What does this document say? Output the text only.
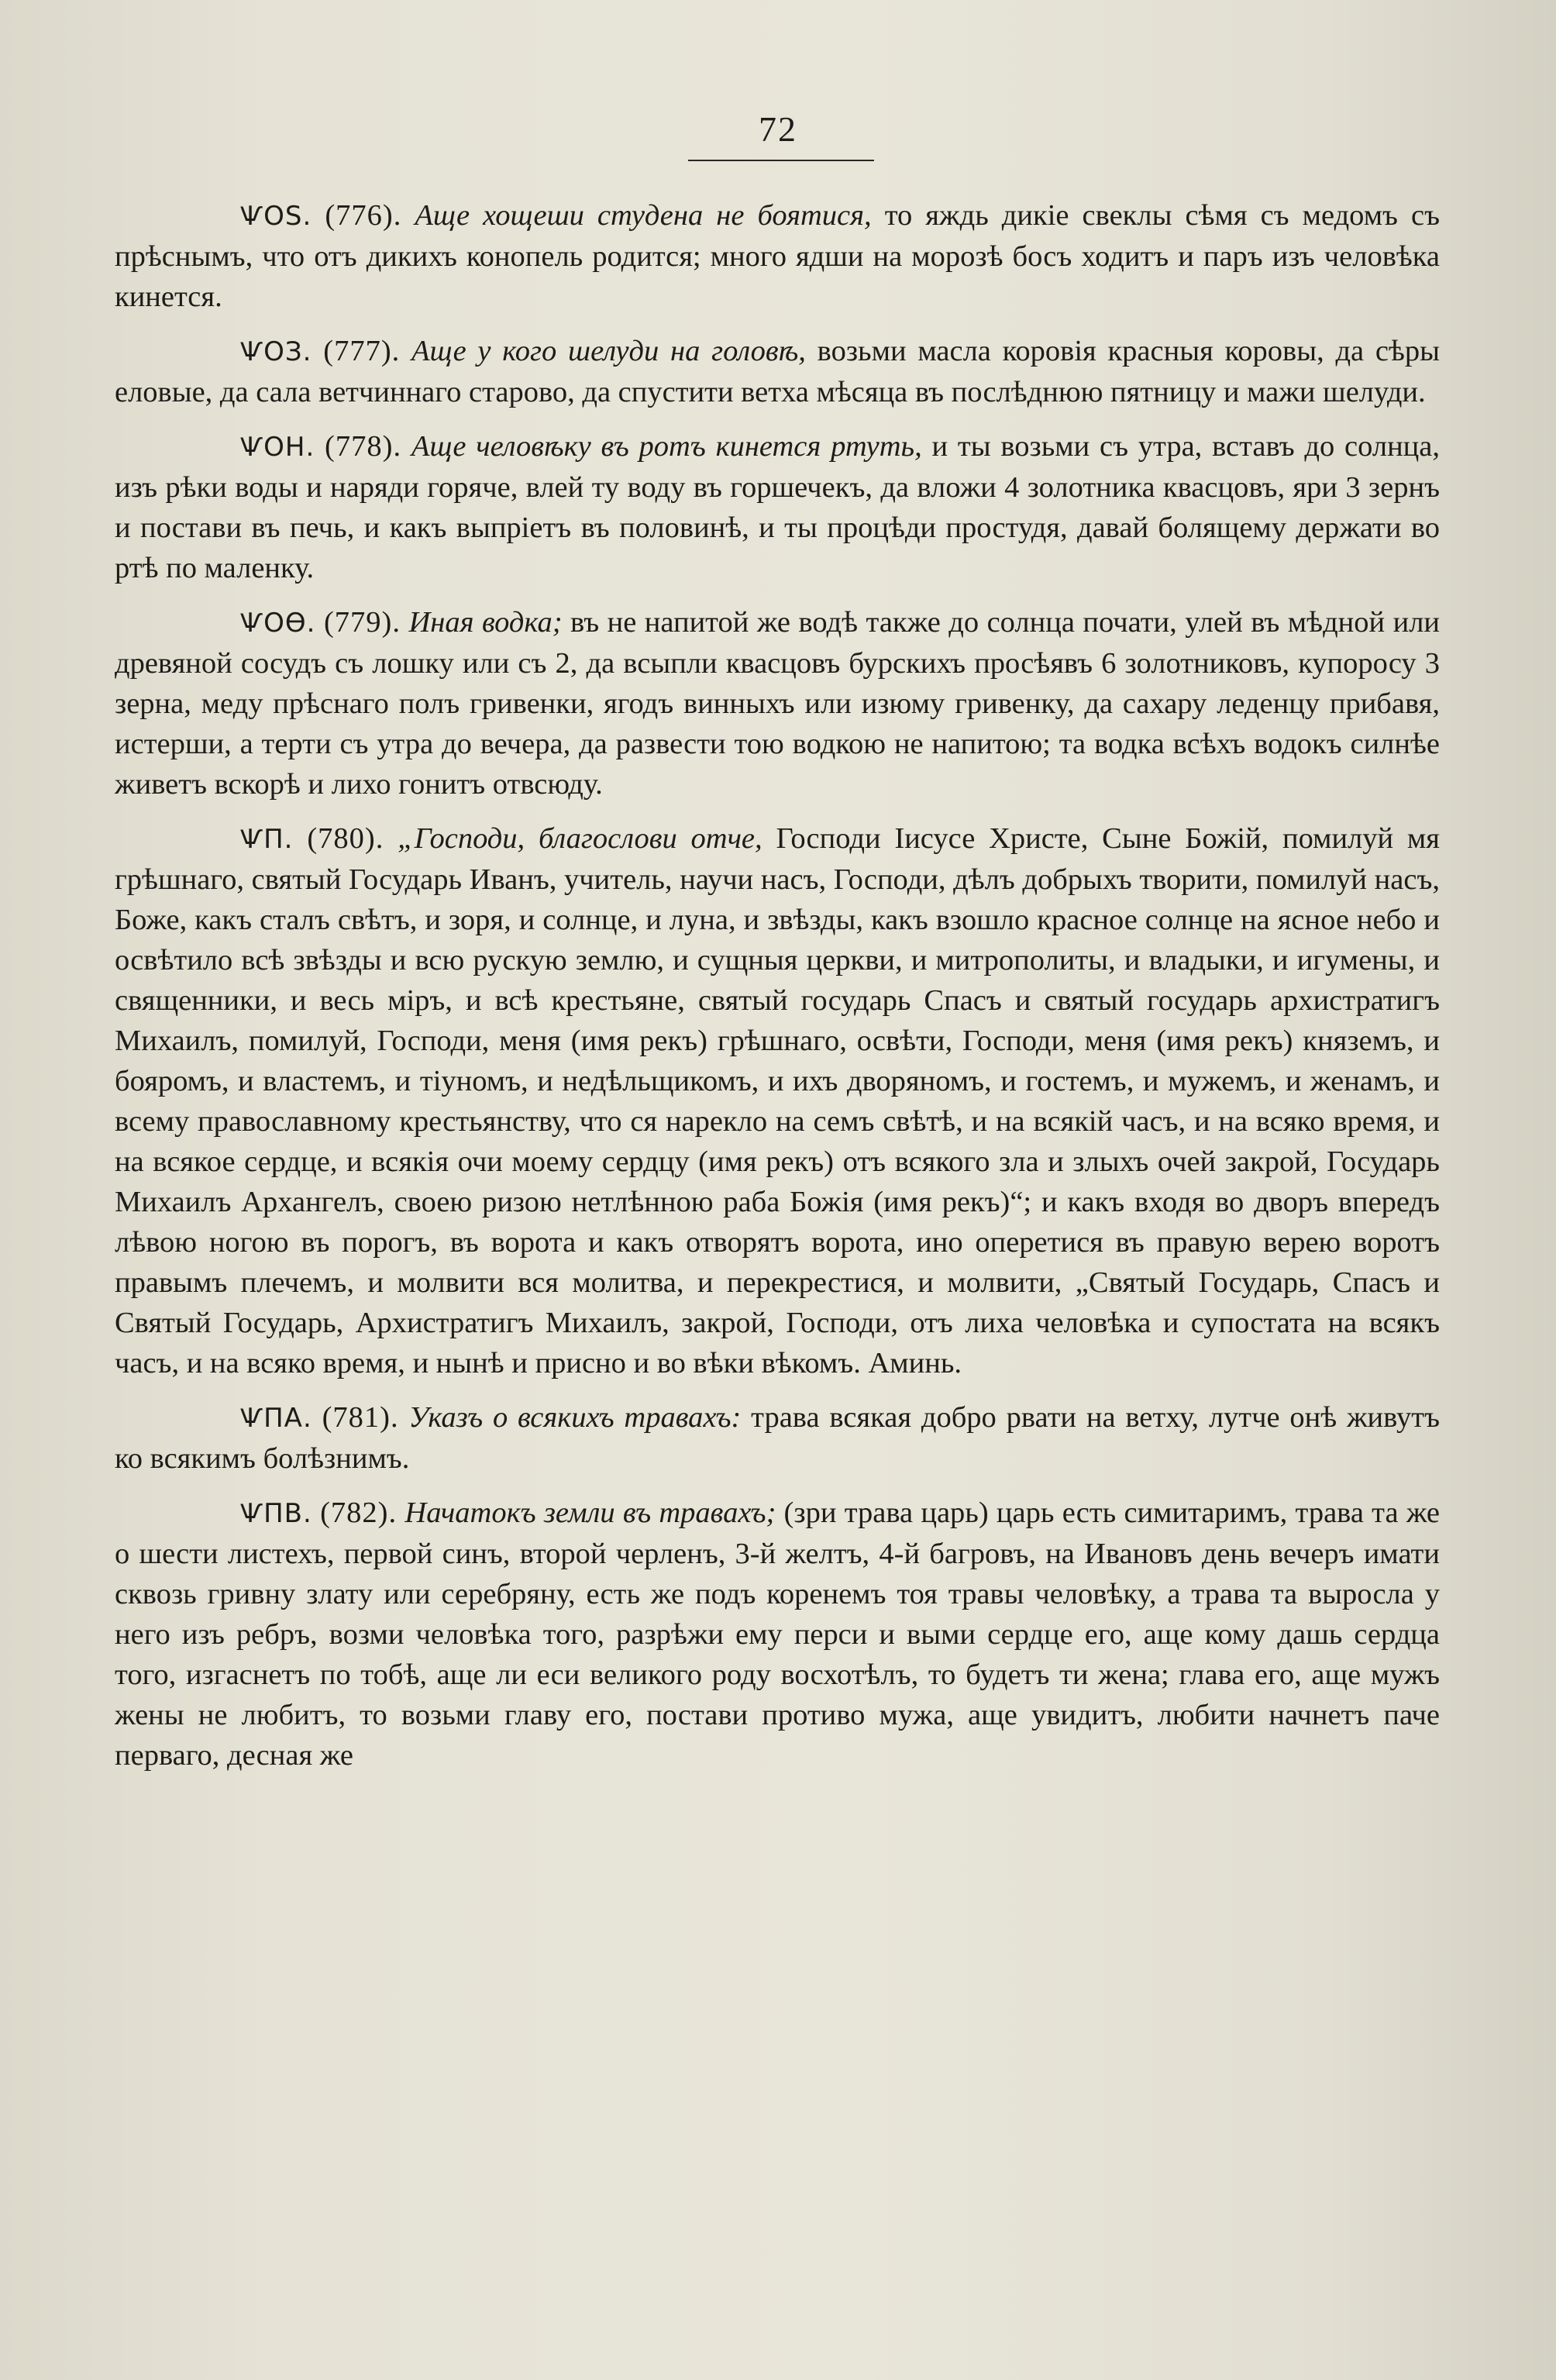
72

ѰОЅ. (776). Аще хощеши студена не боятися, то яждь дикiе свеклы сѣмя съ медомъ съ прѣснымъ, что отъ дикихъ конопель родится; много ядши на морозѣ босъ ходитъ и паръ изъ человѣка кинется.

ѰОЗ. (777). Аще у кого шелуди на головѣ, возьми масла коровiя красныя коровы, да сѣры еловые, да сала ветчиннаго старово, да спустити ветха мѣсяца въ послѣднюю пятницу и мажи шелуди.

ѰОН. (778). Аще человѣку въ ротъ кинется ртуть, и ты возьми съ утра, вставъ до солнца, изъ рѣки воды и наряди горяче, влей ту воду въ горшечекъ, да вложи 4 золотника квасцовъ, яри 3 зернъ и постави въ печь, и какъ выпрiетъ въ половинѣ, и ты процѣди простудя, давай болящему держати во ртѣ по маленку.

ѰОѲ. (779). Иная водка; въ не напитой же водѣ также до солнца почати, улей въ мѣдной или древяной сосудъ съ лошку или съ 2, да всыпли квасцовъ бурскихъ просѣявъ 6 золотниковъ, купоросу 3 зерна, меду прѣснаго полъ гривенки, ягодъ винныхъ или изюму гривенку, да сахару леденцу прибавя, истерши, а терти съ утра до вечера, да развести тою водкою не напитою; та водка всѣхъ водокъ силнѣе живетъ вскорѣ и лихо гонитъ отвсюду.

ѰП. (780). „Господи, благослови отче, Господи Iисусе Христе, Сыне Божiй, помилуй мя грѣшнаго, святый Государь Иванъ, учитель, научи насъ, Господи, дѣлъ добрыхъ творити, помилуй насъ, Боже, какъ сталъ свѣтъ, и зоря, и солнце, и луна, и звѣзды, какъ взошло красное солнце на ясное небо и освѣтило всѣ звѣзды и всю рускую землю, и сущныя церкви, и митрополиты, и владыки, и игумены, и священники, и весь мiръ, и всѣ крестьяне, святый государь Спасъ и святый государь архистратигъ Михаилъ, помилуй, Господи, меня (имя рекъ) грѣшнаго, освѣти, Господи, меня (имя рекъ) княземъ, и бояромъ, и властемъ, и тiуномъ, и недѣльщикомъ, и ихъ дворяномъ, и гостемъ, и мужемъ, и женамъ, и всему православному крестьянству, что ся нарекло на семъ свѣтѣ, и на всякiй часъ, и на всяко время, и на всякое сердце, и всякiя очи моему сердцу (имя рекъ) отъ всякого зла и злыхъ очей закрой, Государь Михаилъ Архангелъ, своею ризою нетлѣнною раба Божiя (имя рекъ)“; и какъ входя во дворъ впередъ лѣвою ногою въ порогъ, въ ворота и какъ отворятъ ворота, ино оперетися въ правую верею воротъ правымъ плечемъ, и молвити вся молитва, и перекрестися, и молвити, „Святый Государь, Спасъ и Святый Государь, Архистратигъ Михаилъ, закрой, Господи, отъ лиха человѣка и супостата на всякъ часъ, и на всяко время, и нынѣ и присно и во вѣки вѣкомъ. Аминь.

ѰПА. (781). Указъ о всякихъ травахъ: трава всякая добро рвати на ветху, лутче онѣ живутъ ко всякимъ болѣзнимъ.

ѰПВ. (782). Начатокъ земли въ травахъ; (зри трава царь) царь есть симитаримъ, трава та же о шести листехъ, первой синъ, второй черленъ, 3-й желтъ, 4-й багровъ, на Ивановъ день вечеръ имати сквозь гривну злату или серебряну, есть же подъ коренемъ тоя травы человѣку, а трава та выросла у него изъ ребръ, возми человѣка того, разрѣжи ему перси и выми сердце его, аще кому дашь сердца того, изгаснетъ по тобѣ, аще ли еси великого роду восхотѣлъ, то будетъ ти жена; глава его, аще мужъ жены не любитъ, то возьми главу его, постави противо мужа, аще увидитъ, любити начнетъ паче перваго, десная же
